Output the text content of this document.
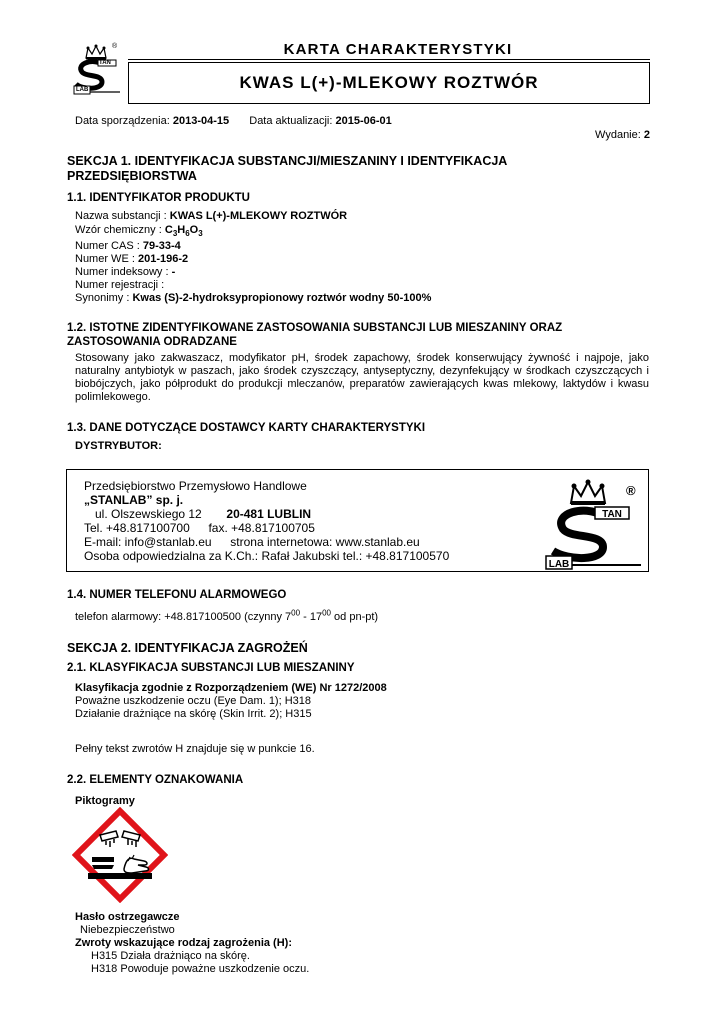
®
TAN
LAB
KARTA CHARAKTERYSTYKI
KWAS L(+)-MLEKOWY ROZTWÓR
Data sporządzenia: 2013-04-15 Data aktualizacji: 2015-06-01
Wydanie: 2
SEKCJA 1. IDENTYFIKACJA SUBSTANCJI/MIESZANINY I IDENTYFIKACJA
PRZEDSIĘBIORSTWA
1.1. IDENTYFIKATOR PRODUKTU
Nazwa substancji : KWAS L(+)-MLEKOWY ROZTWÓR
Wzór chemiczny : $C_3H_6O_3$
Numer CAS : 79-33-4
Numer WE : 201-196-2
Numer indeksowy : -
Numer rejestracji :
Synonimy : Kwas (S)-2-hydroksypropionowy roztwór wodny 50-100%
1.2. ISTOTNE ZIDENTYFIKOWANE ZASTOSOWANIA SUBSTANCJI LUB MIESZANINY ORAZ
ZASTOSOWANIA ODRADZANE
Stosowany jako zakwaszacz, modyfikator pH, środek zapachowy, środek konserwujący żywność i najpoje, jako naturalny antybiotyk w paszach, jako środek czyszczący, antyseptyczny, dezynfekujący w środkach czyszczących i biobójczych, jako półprodukt do produkcji mleczanów, preparatów zawierających kwas mlekowy, laktydów i kwasu polimlekowego.
1.3. DANE DOTYCZĄCE DOSTAWCY KARTY CHARAKTERYSTYKI
DYSTRYBUTOR:
Przedsiębiorstwo Przemysłowo Handlowe
„STANLAB” sp. j.
ul. Olszewskiego 12 20-481 LUBLIN
Tel. +48.817100700 fax. +48.817100705
E-mail: info@stanlab.eu strona internetowa: www.stanlab.eu
Osoba odpowiedzialna za K.Ch.: Rafał Jakubski tel.: +48.817100570
TAN
LAB
®
1.4. NUMER TELEFONU ALARMOWEGO
telefon alarmowy: +48.817100500 (czynny $7^{00} - 17^{00}$ od pn-pt)
SEKCJA 2. IDENTYFIKACJA ZAGROŻEŃ
2.1. KLASYFIKACJA SUBSTANCJI LUB MIESZANINY
Klasyfikacja zgodnie z Rozporządzeniem (WE) Nr 1272/2008
Poważne uszkodzenie oczu (Eye Dam. 1); H318
Działanie drażniące na skórę (Skin Irrit. 2); H315
Pełny tekst zwrotów H znajduje się w punkcie 16.
2.2. ELEMENTY OZNAKOWANIA
Piktogramy
Hasło ostrzegawcze
Niebezpieczeństwo
Zwroty wskazujące rodzaj zagrożenia (H):
H315 Działa drażniąco na skórę.
H318 Powoduje poważne uszkodzenie oczu.
